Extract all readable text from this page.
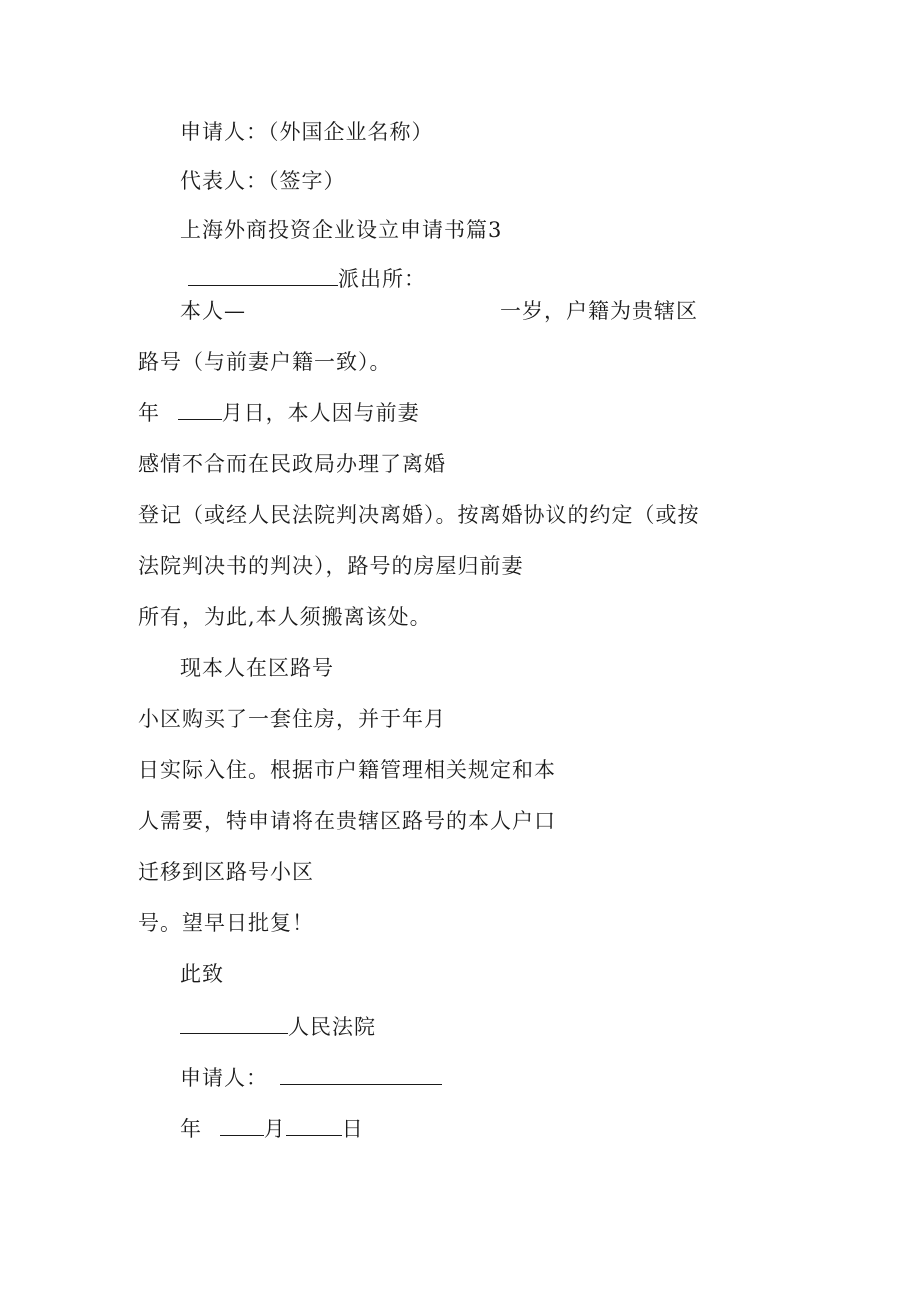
申请人：（外国企业名称）
代表人：（签字）
上海外商投资企业设立申请书篇3
派出所：
本人—	一岁，户籍为贵辖区
路号（与前妻户籍一致）。
年	月日，本人因与前妻
感情不合而在民政局办理了离婚
登记（或经人民法院判决离婚）。按离婚协议的约定（或按
法院判决书的判决），路号的房屋归前妻
所有，为此,本人须搬离该处。
现本人在区路号
小区购买了一套住房，并于年月
日实际入住。根据市户籍管理相关规定和本
人需要，特申请将在贵辖区路号的本人户口
迁移到区路号小区
号。望早日批复！
此致
人民法院
申请人：
年	月	日
